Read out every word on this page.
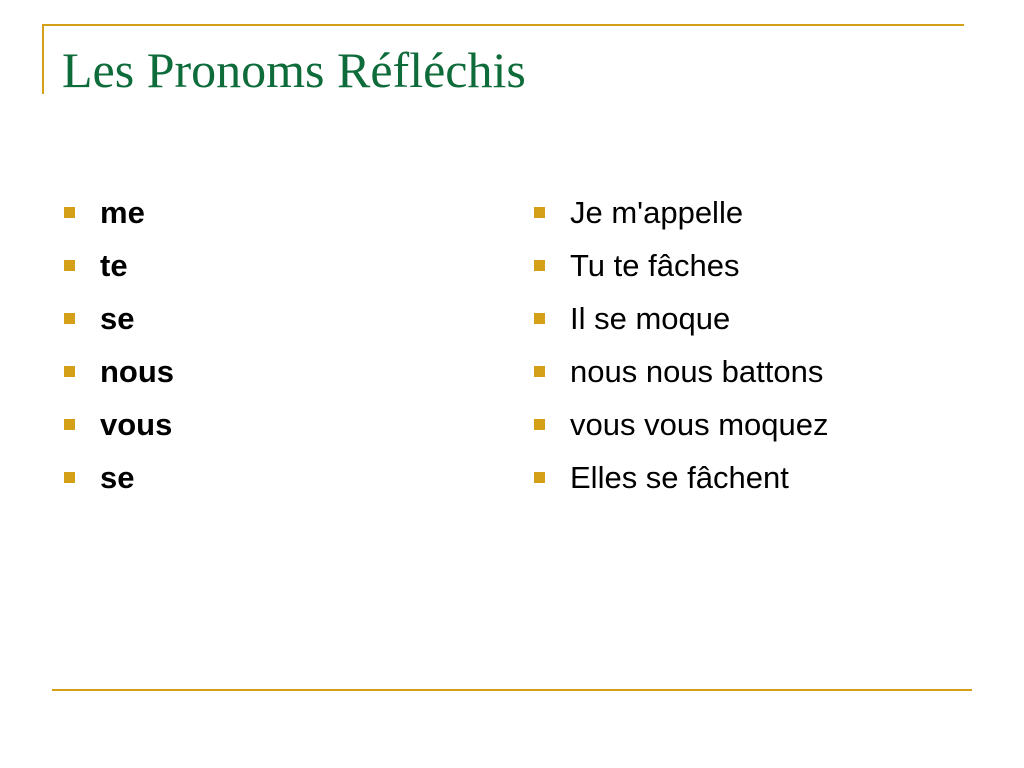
Les Pronoms Réfléchis
me
te
se
nous
vous
se
Je m'appelle
Tu te fâches
Il se moque
nous nous battons
vous vous moquez
Elles se fâchent
